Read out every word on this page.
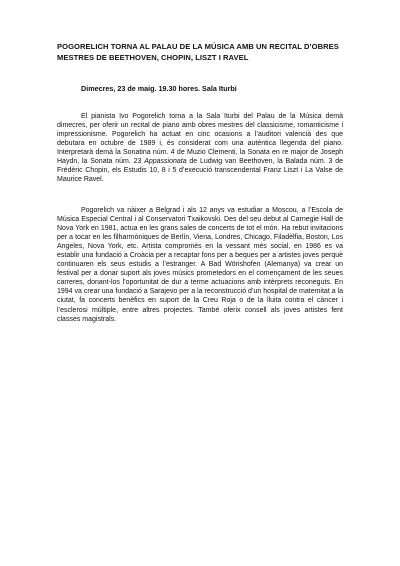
POGORELICH TORNA AL PALAU DE LA MÚSICA AMB UN RECITAL D’OBRES MESTRES DE BEETHOVEN, CHOPIN, LISZT I RAVEL

Dimecres, 23 de maig. 19.30 hores. Sala Iturbi

El pianista Ivo Pogorelich torna a la Sala Iturbi del Palau de la Música demà dimecres, per oferir un recital de piano amb obres mestres del classicisme, romanticisme i impressionisme. Pogorelich ha actuat en cinc ocasions a l’auditori valencià des que debutara en octubre de 1989 i, és considerat com una autèntica llegenda del piano. Interpretarà demà la Sonatina núm. 4 de Muzio Clementi, la Sonata en re major de Joseph Haydn, la Sonata núm. 23 Appassionata de Ludwig van Beethoven, la Balada núm. 3 de Frédèric Chopin, els Estudis 10, 8 i 5 d’execució transcendental Franz Liszt i La Valse de Maurice Ravel.

Pogorelich va nàixer a Belgrad i als 12 anys va estudiar a Moscou, a l’Escola de Música Especial Central i al Conservatori Txaikovski. Des del seu debut al Carnegie Hall de Nova York en 1981, actua en les grans sales de concerts de tot el món. Ha rebut invitacions per a tocar en les filharmòniques de Berlín, Viena, Londres, Chicago, Filadèlfia, Boston, Los Angeles, Nova York, etc. Artista compromès en la vessant més social, en 1986 es va establir una fundació a Croàcia per a recaptar fons per a beques per a artistes joves perquè continuaren els seus estudis a l’estranger. A Bad Wörishofen (Alemanya) va crear un festival per a donar suport als joves músics prometedors en el començament de les seues carreres, donant-los l’oportunitat de dur a terme actuacions amb intèrprets reconeguts. En 1994 va crear una fundació a Sarajevo per a la reconstrucció d’un hospital de matemitat a la ciutat, fa concerts benèfics en suport de la Creu Roja o de la lluita contra el càncer i l’esclerosi múltiple, entre altres projectes. També oferix consell als joves artistes fent classes magistrals.
